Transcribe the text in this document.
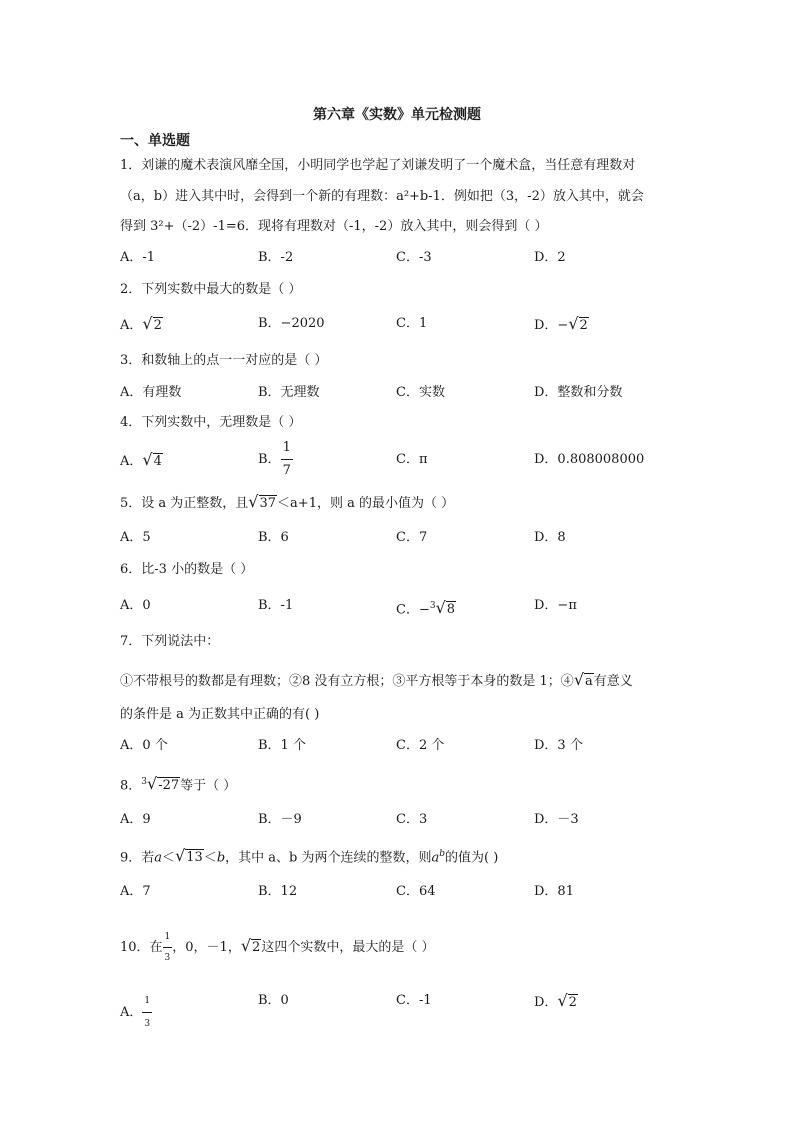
第六章《实数》单元检测题
一、单选题
1．刘谦的魔术表演风靡全国，小明同学也学起了刘谦发明了一个魔术盒，当任意有理数对
（a，b）进入其中时，会得到一个新的有理数：a²+b-1．例如把（3，-2）放入其中，就会
得到 3²+（-2）-1=6．现将有理数对（-1，-2）放入其中，则会得到（ ）
A．-1	B．-2	C．-3	D．2
2．下列实数中最大的数是（ ）
A．√2	B．−2020	C．1	D．−√2
3．和数轴上的点一一对应的是（ ）
A．有理数	B．无理数	C．实数	D．整数和分数
4．下列实数中，无理数是（ ）
A．√4	B． $\frac{1}{7}$	C．π	D．0.808008000
5．设 a 为正整数，且√37＜a+1，则 a 的最小值为（ ）
A．5	B．6	C．7	D．8
6．比-3 小的数是（ ）
A．0	B．-1	C．−$^3$√8	D．−π
7．下列说法中：
①不带根号的数都是有理数；②8 没有立方根；③平方根等于本身的数是 1；④√a有意义
的条件是 a 为正数其中正确的有( )
A．0 个	B．1 个	C．2 个	D．3 个
8．$^3$√-27等于（ ）
A．9	B．－9	C．3	D．－3
9．若a＜√13＜b，其中 a、b 为两个连续的整数，则$a^b$的值为( )
A．7	B．12	C．64	D．81
10．在 $\frac{1}{3}$ ，0，－1，√2这四个实数中，最大的是（ ）
A． $\frac{1}{3}$	B．0	C．-1	D．√2
